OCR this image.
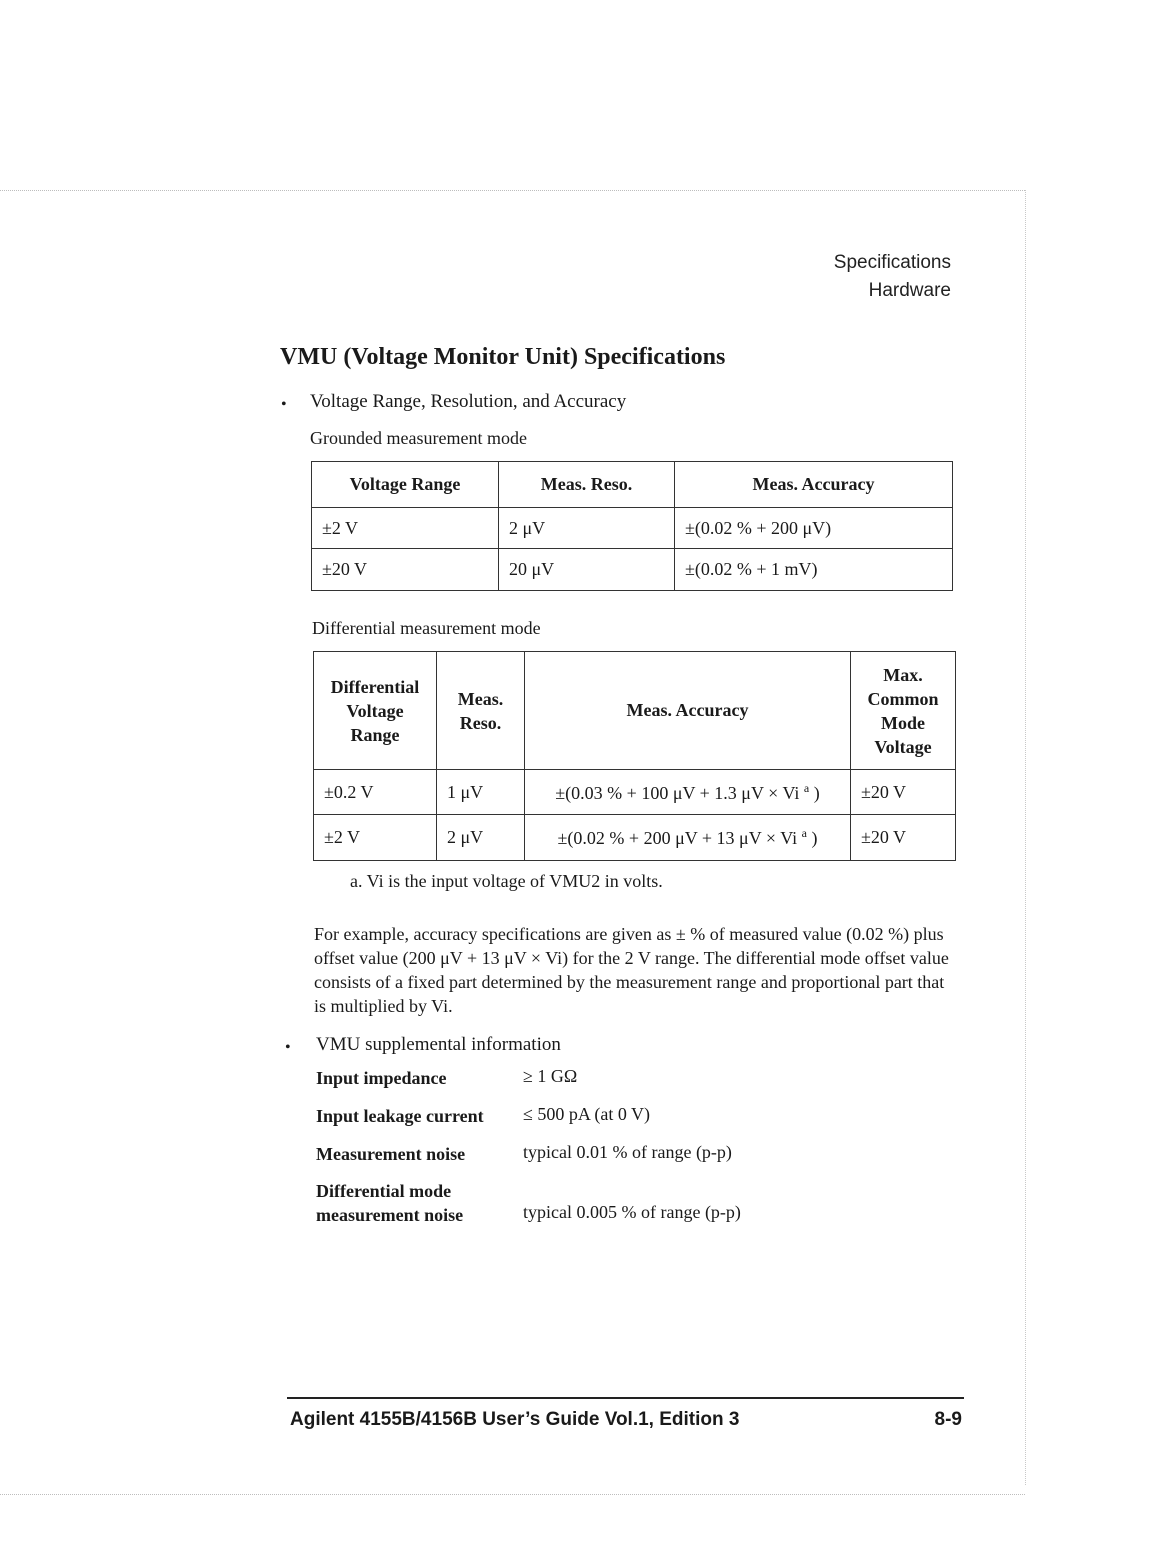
Specifications
Hardware
VMU (Voltage Monitor Unit) Specifications
• Voltage Range, Resolution, and Accuracy
Grounded measurement mode
Voltage Range	Meas. Reso.	Meas. Accuracy
±2 V	2 μV	±(0.02 % + 200 μV)
±20 V	20 μV	±(0.02 % + 1 mV)
Differential measurement mode
Differential Voltage Range	Meas. Reso.	Meas. Accuracy	Max. Common Mode Voltage
±0.2 V	1 μV	±(0.03 % + 100 μV + 1.3 μV × Vi $^a$ )	±20 V
±2 V	2 μV	±(0.02 % + 200 μV + 13 μV × Vi $^a$ )	±20 V
a. Vi is the input voltage of VMU2 in volts.
For example, accuracy specifications are given as ± % of measured value (0.02 %) plus offset value (200 μV + 13 μV × Vi) for the 2 V range. The differential mode offset value consists of a fixed part determined by the measurement range and proportional part that is multiplied by Vi.
• VMU supplemental information
Input impedance	≥ 1 GΩ
Input leakage current	≤ 500 pA (at 0 V)
Measurement noise	typical 0.01 % of range (p-p)
Differential mode measurement noise	typical 0.005 % of range (p-p)
Agilent 4155B/4156B User’s Guide Vol.1, Edition 3	8-9
